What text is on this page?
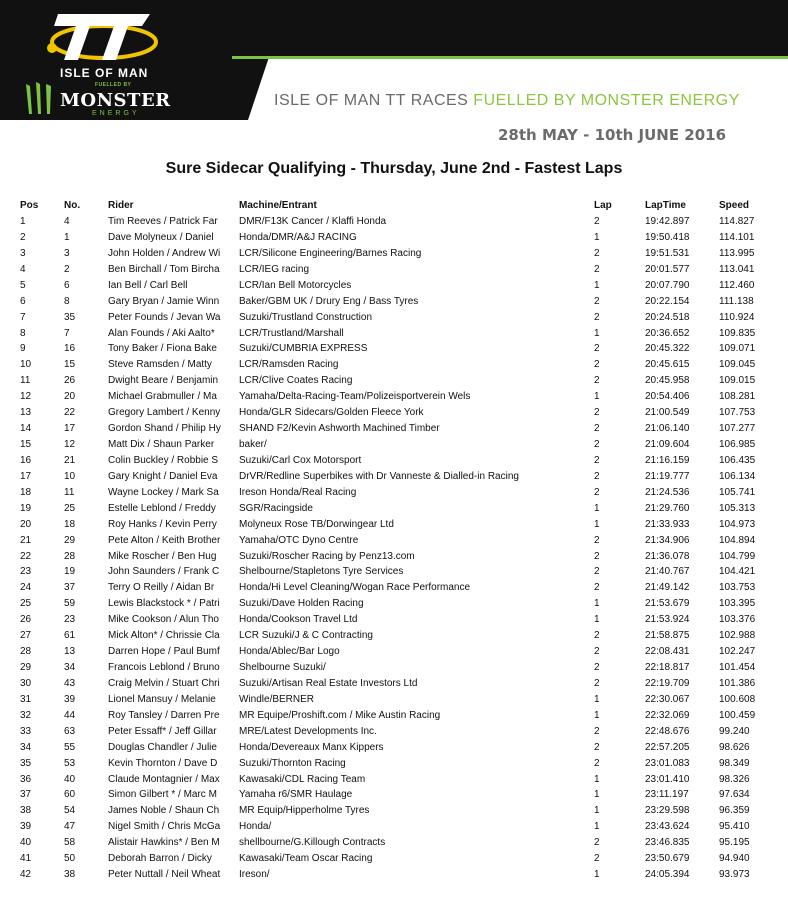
ISLE OF MAN
FUELLED BY
MONSTER
ENERGY
ISLE OF MAN TT RACES FUELLED BY MONSTER ENERGY
28th MAY - 10th JUNE 2016
Sure Sidecar Qualifying - Thursday, June 2nd - Fastest Laps
Pos	No.	Rider	Machine/Entrant	Lap	LapTime	Speed
1	4	Tim Reeves / Patrick Far	DMR/F13K Cancer / Klaffi Honda	2	19:42.897	114.827
2	1	Dave Molyneux / Daniel	Honda/DMR/A&J RACING	1	19:50.418	114.101
3	3	John Holden / Andrew Wi	LCR/Silicone Engineering/Barnes Racing	2	19:51.531	113.995
4	2	Ben Birchall / Tom Bircha	LCR/IEG racing	2	20:01.577	113.041
5	6	Ian Bell / Carl Bell	LCR/Ian Bell Motorcycles	1	20:07.790	112.460
6	8	Gary Bryan / Jamie Winn	Baker/GBM UK / Drury Eng / Bass Tyres	2	20:22.154	111.138
7	35	Peter Founds / Jevan Wa	Suzuki/Trustland Construction	2	20:24.518	110.924
8	7	Alan Founds / Aki Aalto*	LCR/Trustland/Marshall	1	20:36.652	109.835
9	16	Tony Baker / Fiona Bake	Suzuki/CUMBRIA EXPRESS	2	20:45.322	109.071
10	15	Steve Ramsden / Matty	LCR/Ramsden Racing	2	20:45.615	109.045
11	26	Dwight Beare / Benjamin	LCR/Clive Coates Racing	2	20:45.958	109.015
12	20	Michael Grabmuller / Ma	Yamaha/Delta-Racing-Team/Polizeisportverein Wels	1	20:54.406	108.281
13	22	Gregory Lambert / Kenny	Honda/GLR Sidecars/Golden Fleece York	2	21:00.549	107.753
14	17	Gordon Shand / Philip Hy	SHAND F2/Kevin Ashworth Machined Timber	2	21:06.140	107.277
15	12	Matt Dix / Shaun Parker	baker/	2	21:09.604	106.985
16	21	Colin Buckley / Robbie S	Suzuki/Carl Cox Motorsport	2	21:16.159	106.435
17	10	Gary Knight / Daniel Eva	DrVR/Redline Superbikes with Dr Vanneste & Dialled-in Racing	2	21:19.777	106.134
18	11	Wayne Lockey / Mark Sa	Ireson Honda/Real Racing	2	21:24.536	105.741
19	25	Estelle Leblond / Freddy	SGR/Racingside	1	21:29.760	105.313
20	18	Roy Hanks / Kevin Perry	Molyneux Rose TB/Dorwingear Ltd	1	21:33.933	104.973
21	29	Pete Alton / Keith Brother	Yamaha/OTC Dyno Centre	2	21:34.906	104.894
22	28	Mike Roscher / Ben Hug	Suzuki/Roscher Racing by Penz13.com	2	21:36.078	104.799
23	19	John Saunders / Frank C	Shelbourne/Stapletons Tyre Services	2	21:40.767	104.421
24	37	Terry O Reilly / Aidan Br	Honda/Hi Level Cleaning/Wogan Race Performance	2	21:49.142	103.753
25	59	Lewis Blackstock * / Patri	Suzuki/Dave Holden Racing	1	21:53.679	103.395
26	23	Mike Cookson / Alun Tho	Honda/Cookson Travel Ltd	1	21:53.924	103.376
27	61	Mick Alton* / Chrissie Cla	LCR Suzuki/J & C Contracting	2	21:58.875	102.988
28	13	Darren Hope / Paul Bumf	Honda/Ablec/Bar Logo	2	22:08.431	102.247
29	34	Francois Leblond / Bruno	Shelbourne Suzuki/	2	22:18.817	101.454
30	43	Craig Melvin / Stuart Chri	Suzuki/Artisan Real Estate Investors Ltd	2	22:19.709	101.386
31	39	Lionel Mansuy / Melanie	Windle/BERNER	1	22:30.067	100.608
32	44	Roy Tansley / Darren Pre	MR Equipe/Proshift.com / Mike Austin Racing	1	22:32.069	100.459
33	63	Peter Essaff* / Jeff Gillar	MRE/Latest Developments Inc.	2	22:48.676	99.240
34	55	Douglas Chandler / Julie	Honda/Devereaux Manx Kippers	2	22:57.205	98.626
35	53	Kevin Thornton / Dave D	Suzuki/Thornton Racing	2	23:01.083	98.349
36	40	Claude Montagnier / Max	Kawasaki/CDL Racing Team	1	23:01.410	98.326
37	60	Simon Gilbert * / Marc M	Yamaha r6/SMR Haulage	1	23:11.197	97.634
38	54	James Noble / Shaun Ch	MR Equip/Hipperholme Tyres	1	23:29.598	96.359
39	47	Nigel Smith / Chris McGa	Honda/	1	23:43.624	95.410
40	58	Alistair Hawkins* / Ben M	shellbourne/G.Killough Contracts	2	23:46.835	95.195
41	50	Deborah Barron / Dicky	Kawasaki/Team Oscar Racing	2	23:50.679	94.940
42	38	Peter Nuttall / Neil Wheat	Ireson/	1	24:05.394	93.973
